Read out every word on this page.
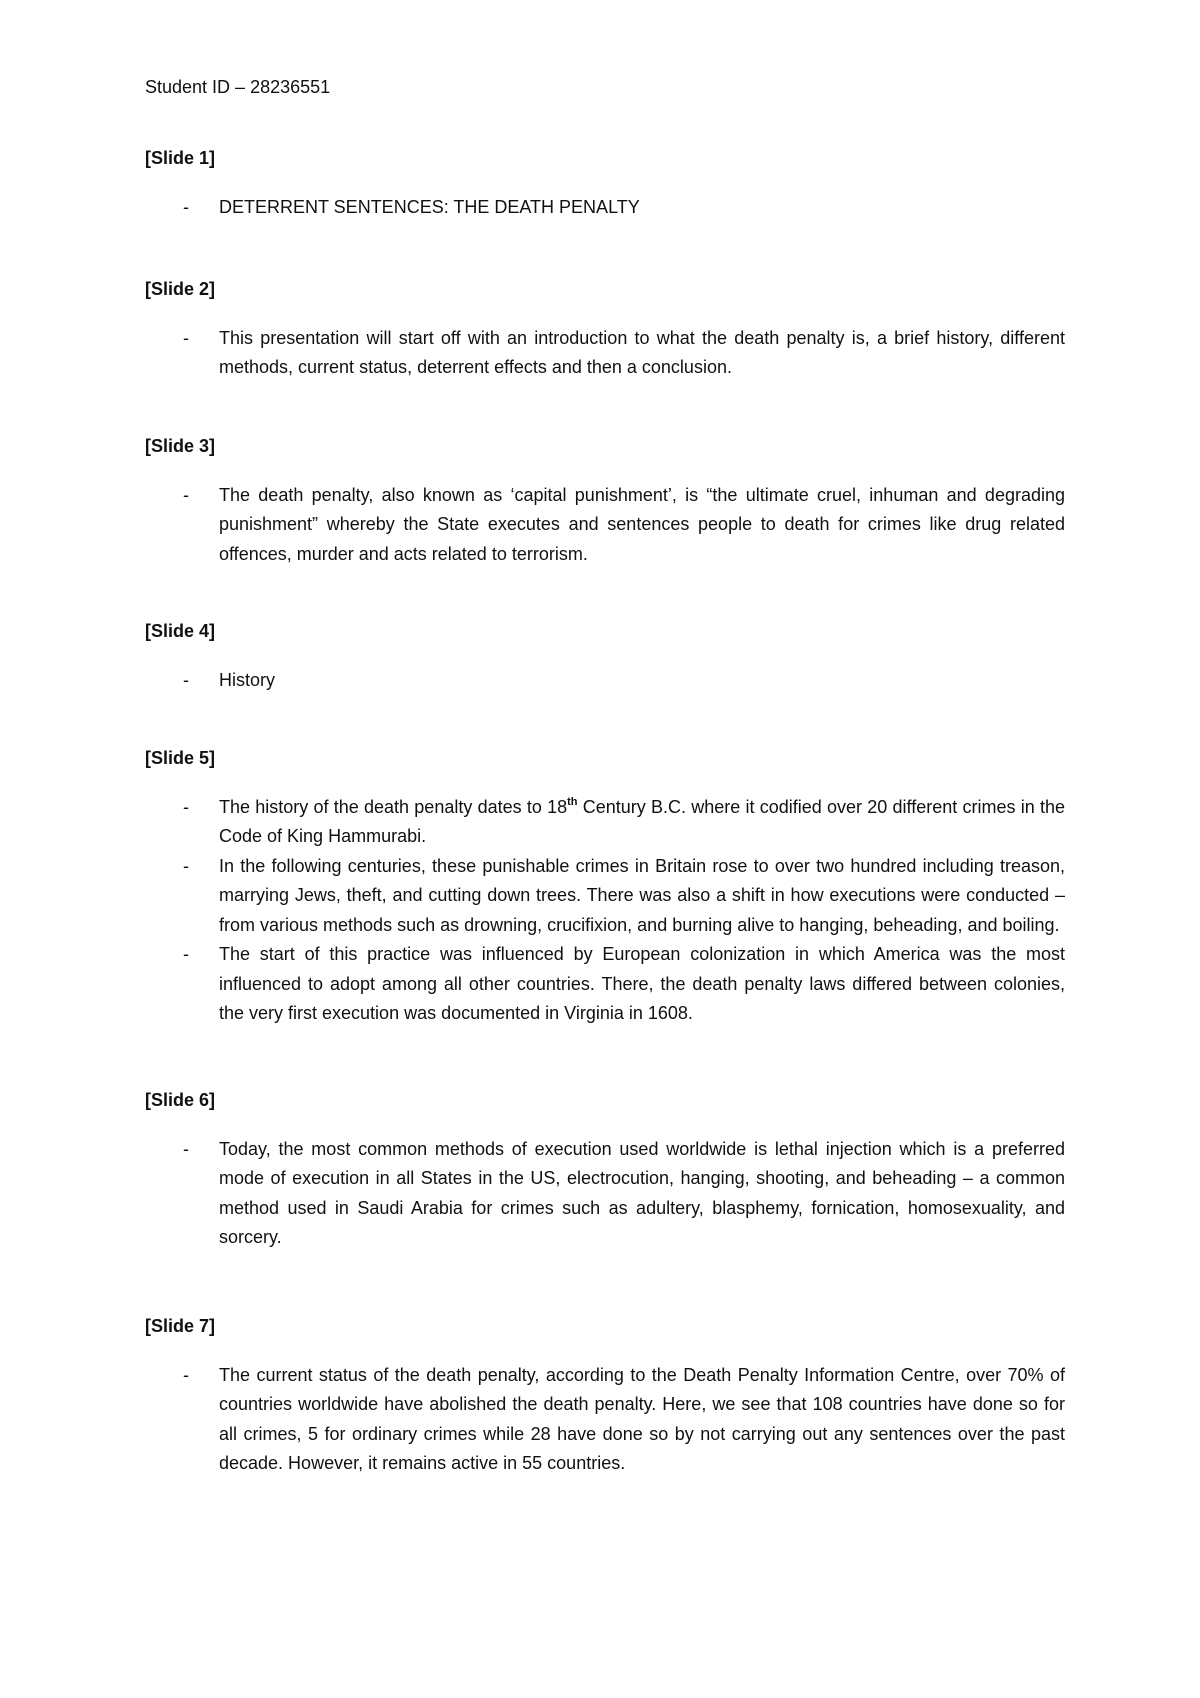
Student ID – 28236551
[Slide 1]
- DETERRENT SENTENCES: THE DEATH PENALTY
[Slide 2]
- This presentation will start off with an introduction to what the death penalty is, a brief history, different methods, current status, deterrent effects and then a conclusion.
[Slide 3]
- The death penalty, also known as ‘capital punishment’, is “the ultimate cruel, inhuman and degrading punishment” whereby the State executes and sentences people to death for crimes like drug related offences, murder and acts related to terrorism.
[Slide 4]
- History
[Slide 5]
- The history of the death penalty dates to 18th Century B.C. where it codified over 20 different crimes in the Code of King Hammurabi.
- In the following centuries, these punishable crimes in Britain rose to over two hundred including treason, marrying Jews, theft, and cutting down trees. There was also a shift in how executions were conducted – from various methods such as drowning, crucifixion, and burning alive to hanging, beheading, and boiling.
- The start of this practice was influenced by European colonization in which America was the most influenced to adopt among all other countries. There, the death penalty laws differed between colonies, the very first execution was documented in Virginia in 1608.
[Slide 6]
- Today, the most common methods of execution used worldwide is lethal injection which is a preferred mode of execution in all States in the US, electrocution, hanging, shooting, and beheading – a common method used in Saudi Arabia for crimes such as adultery, blasphemy, fornication, homosexuality, and sorcery.
[Slide 7]
- The current status of the death penalty, according to the Death Penalty Information Centre, over 70% of countries worldwide have abolished the death penalty. Here, we see that 108 countries have done so for all crimes, 5 for ordinary crimes while 28 have done so by not carrying out any sentences over the past decade. However, it remains active in 55 countries.
